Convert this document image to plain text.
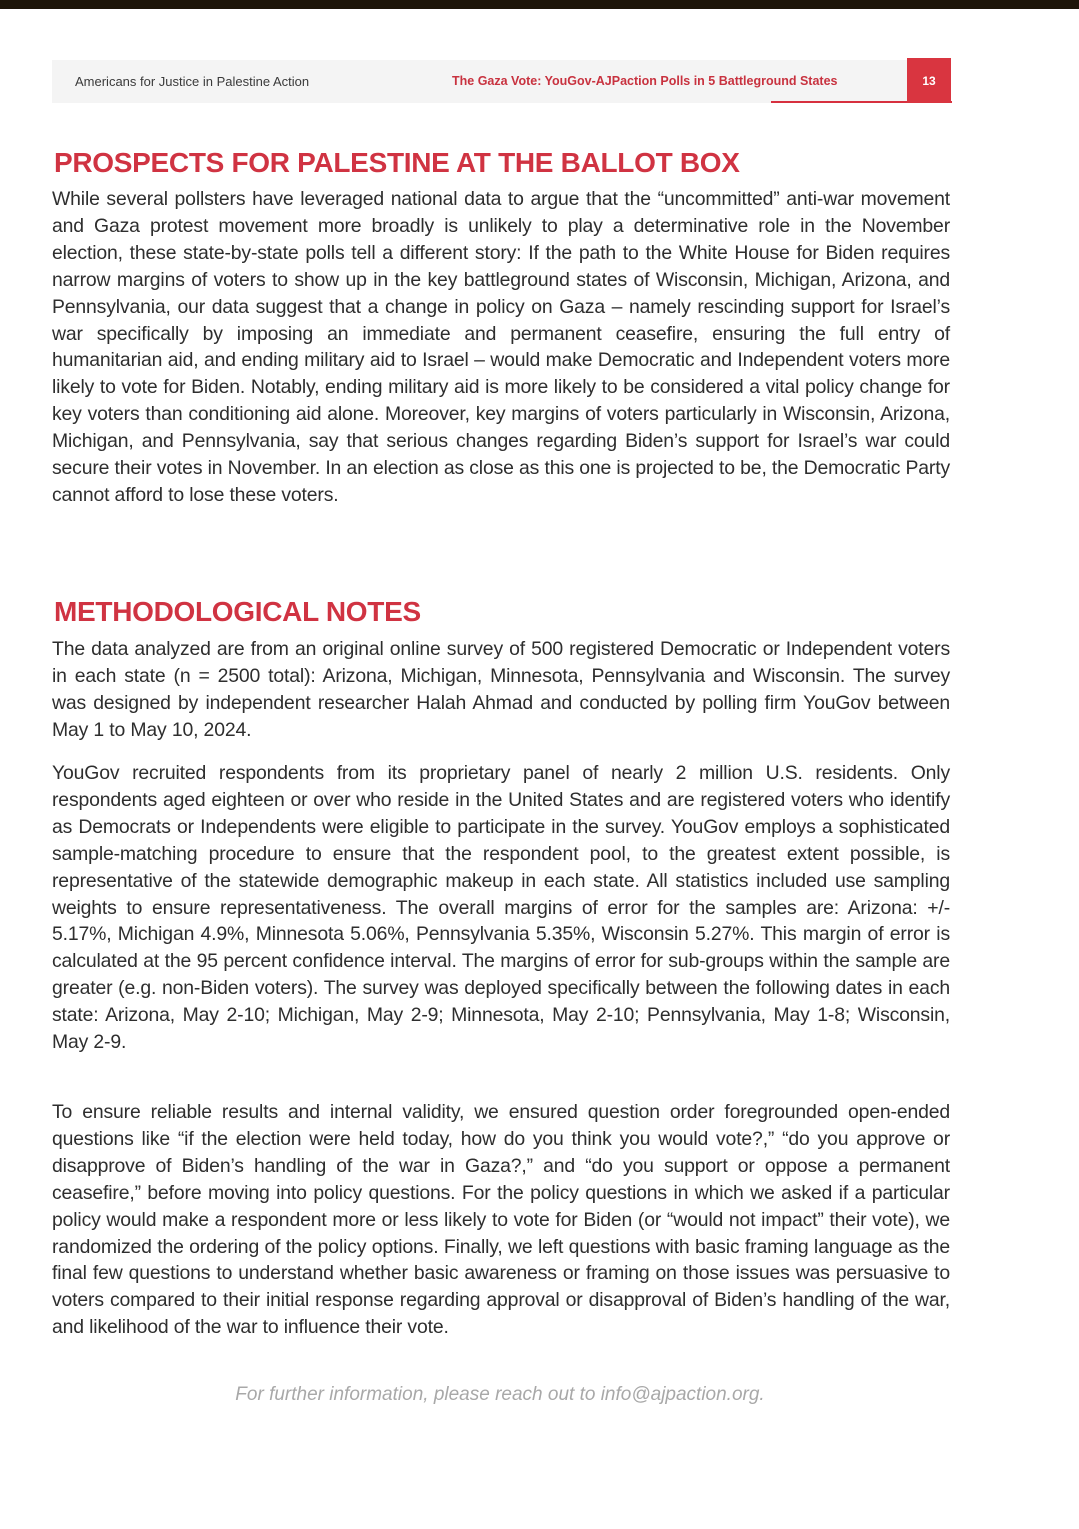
Americans for Justice in Palestine Action	The Gaza Vote: YouGov-AJPaction Polls in 5 Battleground States	13
PROSPECTS FOR PALESTINE AT THE BALLOT BOX

While several pollsters have leveraged national data to argue that the “uncommitted” anti-war movement and Gaza protest movement more broadly is unlikely to play a determinative role in the November election, these state-by-state polls tell a different story: If the path to the White House for Biden requires narrow margins of voters to show up in the key battleground states of Wisconsin, Michigan, Arizona, and Pennsylvania, our data suggest that a change in policy on Gaza – namely rescinding support for Israel’s war specifically by imposing an immediate and permanent ceasefire, ensuring the full entry of humanitarian aid, and ending military aid to Israel – would make Democratic and Independent voters more likely to vote for Biden. Notably, ending military aid is more likely to be considered a vital policy change for key voters than conditioning aid alone. Moreover, key margins of voters particularly in Wisconsin, Arizona, Michigan, and Pennsylvania, say that serious changes regarding Biden’s support for Israel’s war could secure their votes in November. In an election as close as this one is projected to be, the Democratic Party cannot afford to lose these voters.

METHODOLOGICAL NOTES

The data analyzed are from an original online survey of 500 registered Democratic or Independent voters in each state (n = 2500 total): Arizona, Michigan, Minnesota, Pennsylvania and Wisconsin. The survey was designed by independent researcher Halah Ahmad and conducted by polling firm YouGov between May 1 to May 10, 2024.

YouGov recruited respondents from its proprietary panel of nearly 2 million U.S. residents. Only respondents aged eighteen or over who reside in the United States and are registered voters who identify as Democrats or Independents were eligible to participate in the survey. YouGov employs a sophisticated sample-matching procedure to ensure that the respondent pool, to the greatest extent possible, is representative of the statewide demographic makeup in each state. All statistics included use sampling weights to ensure representativeness. The overall margins of error for the samples are: Arizona: +/- 5.17%, Michigan 4.9%, Minnesota 5.06%, Pennsylvania 5.35%, Wisconsin 5.27%. This margin of error is calculated at the 95 percent confidence interval. The margins of error for sub-groups within the sample are greater (e.g. non-Biden voters). The survey was deployed specifically between the following dates in each state: Arizona, May 2-10; Michigan, May 2-9; Minnesota, May 2-10; Pennsylvania, May 1-8; Wisconsin, May 2-9.

To ensure reliable results and internal validity, we ensured question order foregrounded open-ended questions like “if the election were held today, how do you think you would vote?,” “do you approve or disapprove of Biden’s handling of the war in Gaza?,” and “do you support or oppose a permanent ceasefire,” before moving into policy questions. For the policy questions in which we asked if a particular policy would make a respondent more or less likely to vote for Biden (or “would not impact” their vote), we randomized the ordering of the policy options. Finally, we left questions with basic framing language as the final few questions to understand whether basic awareness or framing on those issues was persuasive to voters compared to their initial response regarding approval or disapproval of Biden’s handling of the war, and likelihood of the war to influence their vote.

For further information, please reach out to info@ajpaction.org.
